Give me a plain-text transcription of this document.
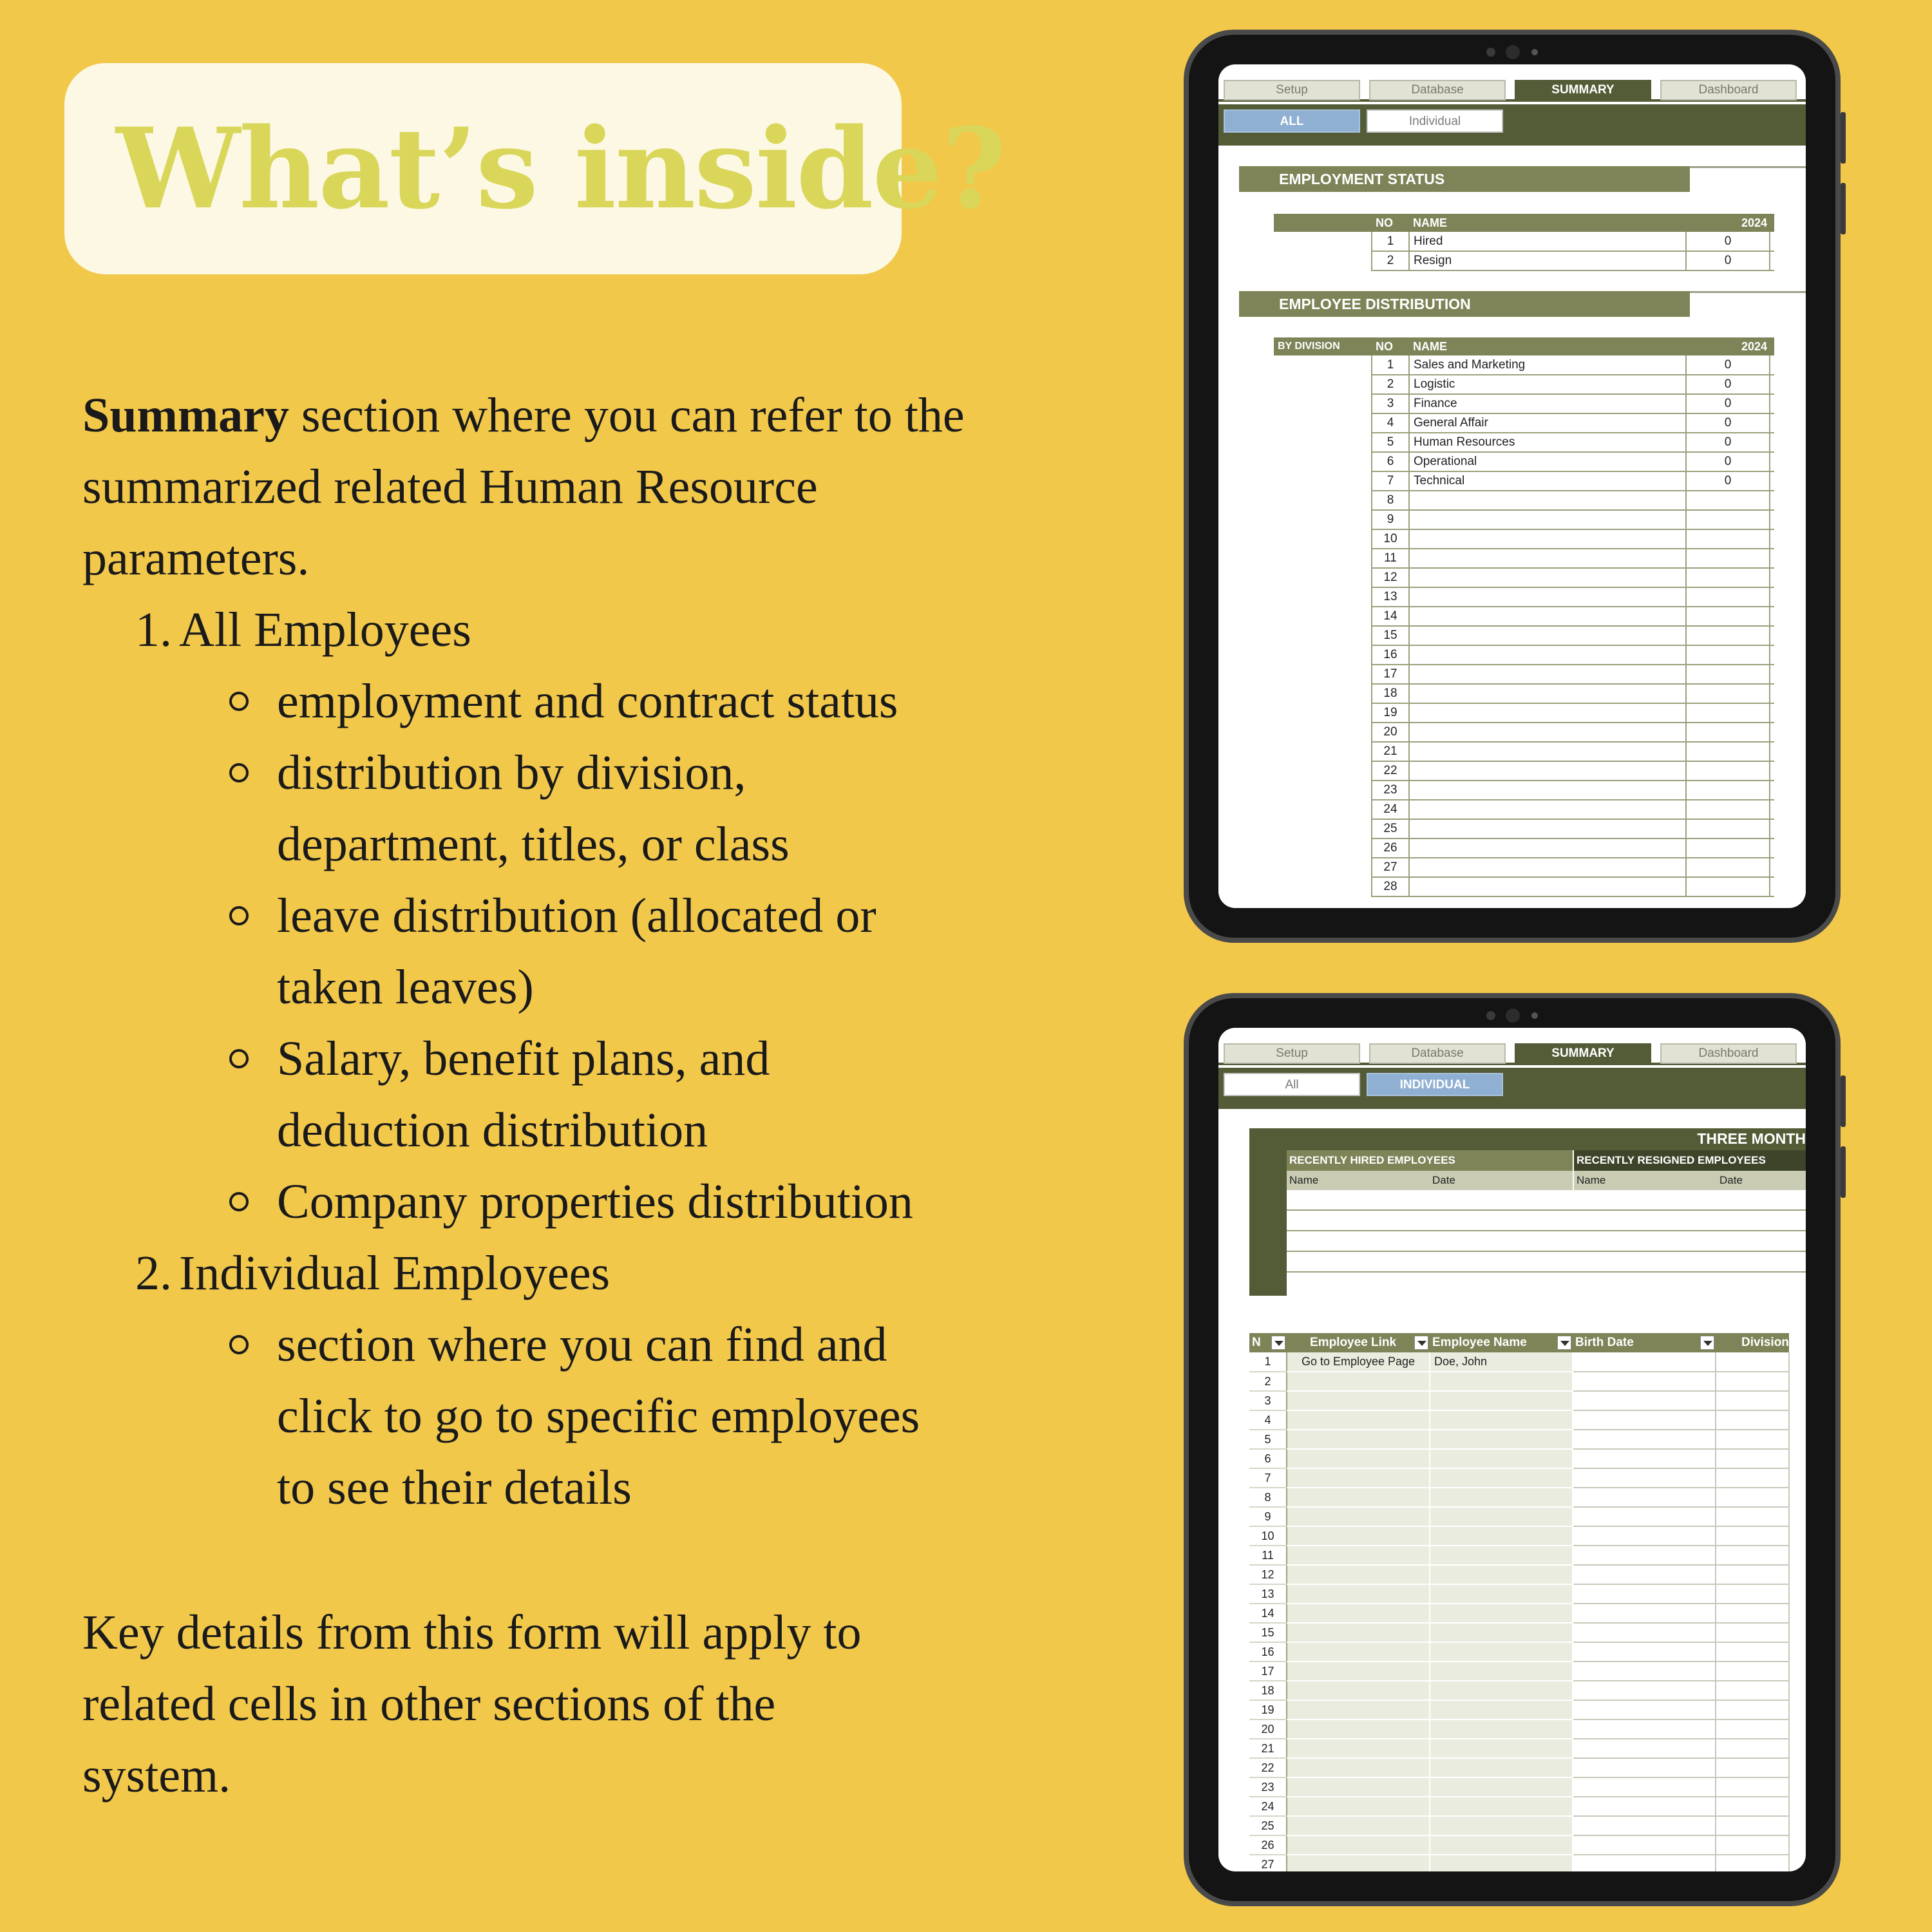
What’s inside?
Summary section where you can refer to the summarized related Human Resource parameters.
1. All Employees
employment and contract status
distribution by division,
department, titles, or class
leave distribution (allocated or
taken leaves)
Salary, benefit plans, and
deduction distribution
Company properties distribution
2. Individual Employees
section where you can find and
click to go to specific employees
to see their details
Key details from this form will apply to
related cells in other sections of the
system.
Setup	Database	SUMMARY	Dashboard
ALL	Individual
EMPLOYMENT STATUS
	NO	NAME	2024	
	1	Hired	0	
	2	Resign	0	
EMPLOYEE DISTRIBUTION
BY DIVISION	NO	NAME	2024	
	1	Sales and Marketing	0	
	2	Logistic	0	
	3	Finance	0	
	4	General Affair	0	
	5	Human Resources	0	
	6	Operational	0	
	7	Technical	0	
	8			
	9			
	10			
	11			
	12			
	13			
	14			
	15			
	16			
	17			
	18			
	19			
	20			
	21			
	22			
	23			
	24			
	25			
	26			
	27			
	28			
Setup	Database	SUMMARY	Dashboard
All	INDIVIDUAL
THREE MONTH
RECENTLY HIRED EMPLOYEES	RECENTLY RESIGNED EMPLOYEES
Name	Date	Name	Date
N	Employee Link	Employee Name	Birth Date	Division
1	Go to Employee Page	Doe, John		
2				
3				
4				
5				
6				
7				
8				
9				
10				
11				
12				
13				
14				
15				
16				
17				
18				
19				
20				
21				
22				
23				
24				
25				
26				
27				
